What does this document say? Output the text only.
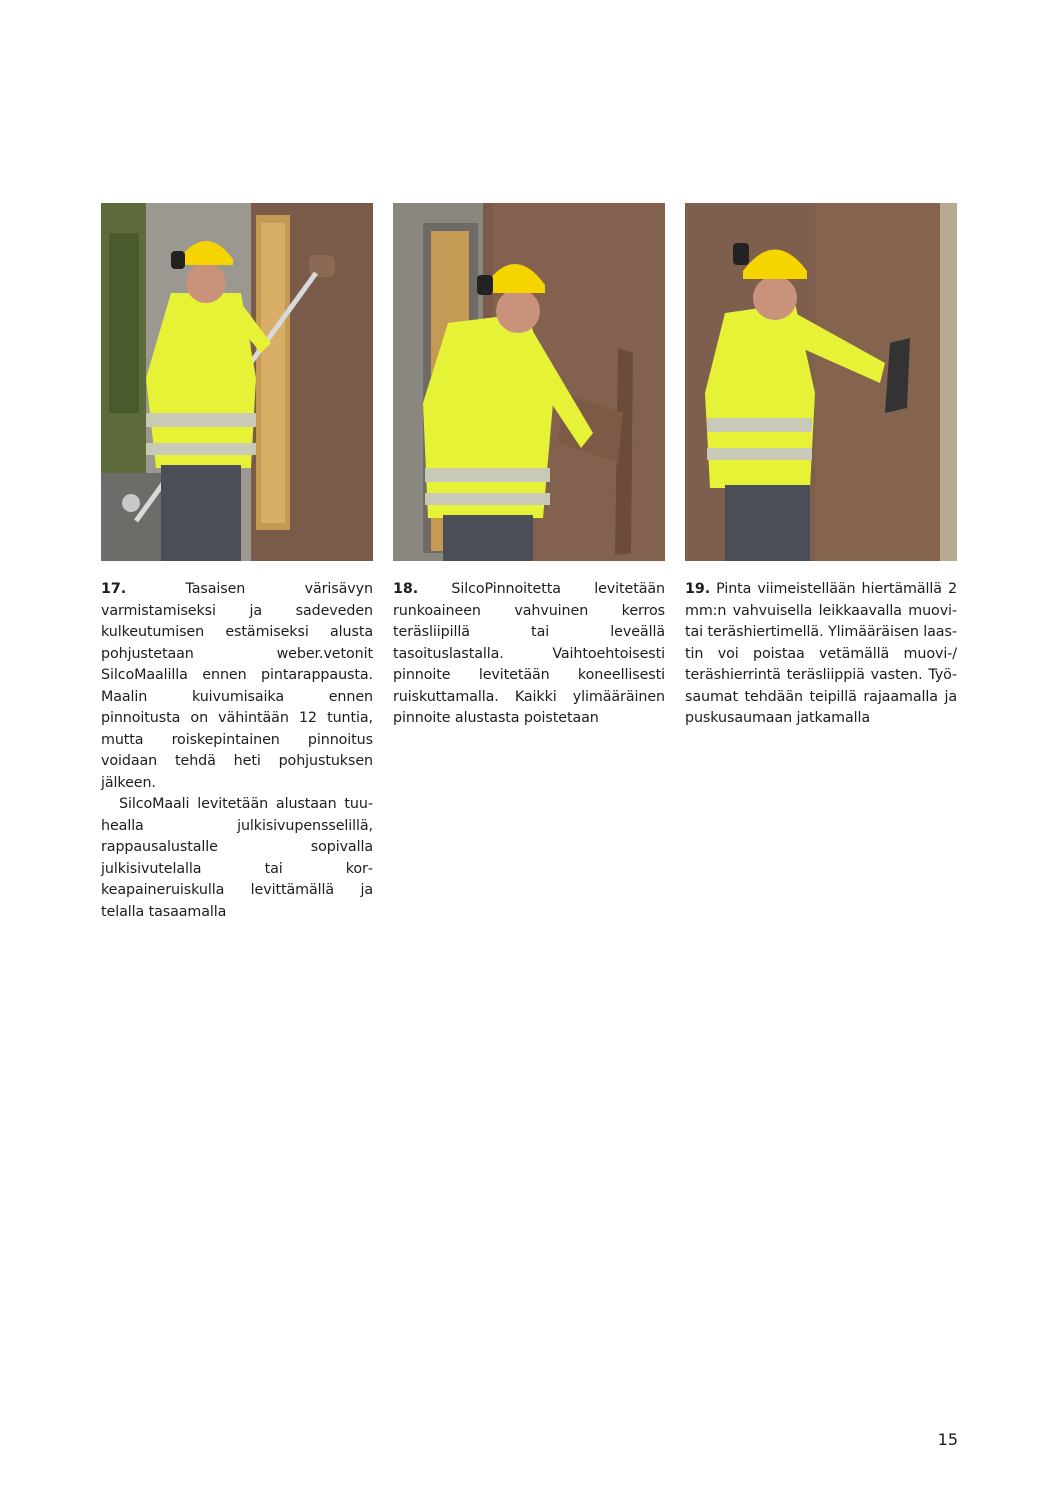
17.	Tasaisen värisävyn varmistamiseksi ja sadeveden kulkeutumisen estämiseksi alusta pohjustetaan weber.vetonit SilcoMaalilla ennen pintarappausta. Maalin kuivumisaika ennen pinnoitusta on vähintään 12 tuntia, mutta roiskepintainen pinnoitus voidaan tehdä heti pohjustuksen jälkeen.

SilcoMaali levitetään alustaan tuuhealla julkisivupensselillä, rappausalustalle sopivalla julkisivutelalla tai korkeapaineruiskulla levittämällä ja telalla tasaamalla

18. SilcoPinnoitetta levitetään runkoaineen vahvuinen kerros teräsliipillä tai leveällä tasoituslastalla. Vaihtoehtoisesti pinnoite levitetään koneellisesti ruiskuttamalla. Kaikki ylimääräinen pinnoite alustasta poistetaan

19. Pinta viimeistellään hiertämällä 2 mm:n vahvuisella leikkaavalla muovi- tai teräshiertimellä. Ylimääräisen laastin voi poistaa vetämällä muovi-/ teräshierrintä teräsliippiä vasten. Työsaumat tehdään teipillä rajaamalla ja puskusaumaan jatkamalla

15
